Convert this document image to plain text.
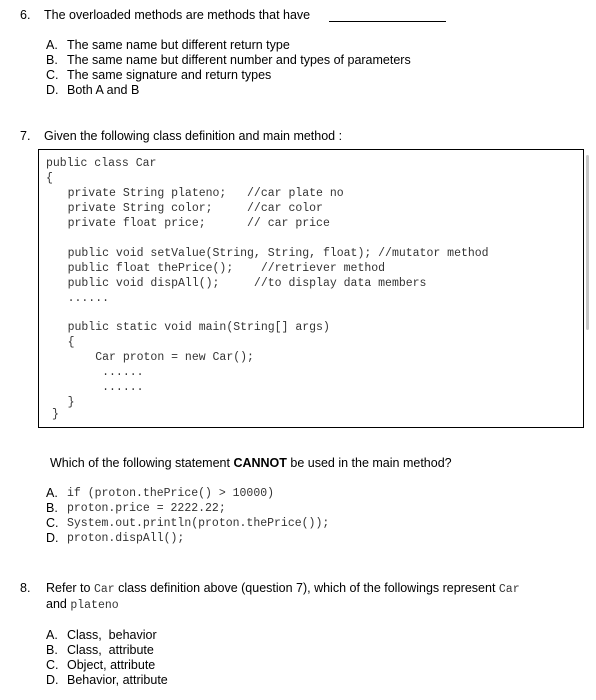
6. The overloaded methods are methods that have
A. The same name but different return type
B. The same name but different number and types of parameters
C. The same signature and return types
D. Both A and B
7. Given the following class definition and main method :
public class Car
{
private String plateno;   //car plate no
private String color;     //car color
private float price;      // car price
public void setValue(String, String, float); //mutator method
public float thePrice();    //retriever method
public void dispAll();     //to display data members
......
public static void main(String[] args)
{
Car proton = new Car();
......
......
}
}
Which of the following statement CANNOT be used in the main method?
A. if (proton.thePrice() > 10000)
B. proton.price = 2222.22;
C. System.out.println(proton.thePrice());
D. proton.dispAll();
8. Refer to Car class definition above (question 7), which of the followings represent Car
and plateno
A. Class,  behavior
B. Class,  attribute
C. Object, attribute
D. Behavior, attribute
